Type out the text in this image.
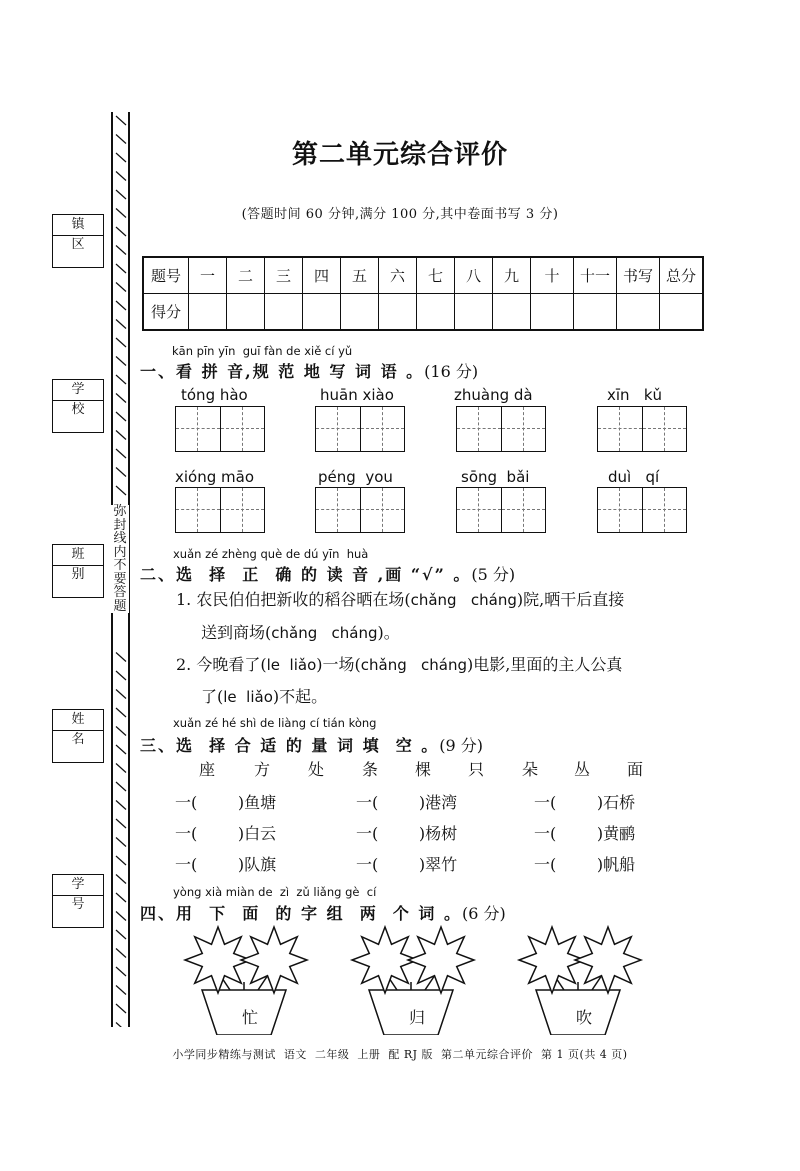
弥
封
线
内
不
要
答
题
镇 区
学 校
班 别
姓 名
学 号
第二单元综合评价
(答题时间 60 分钟,满分 100 分,其中卷面书写 3 分)
题号	一	二	三	四	五	六	七	八	九	十	十一	书写	总分
得分													
kān pīn yīn  guī fàn de xiě cí yǔ
一、看 拼 音,规 范 地 写 词 语 。(16 分)
tóng hào	huān xiào	zhuàng dà	xīn   kǔ
xióng māo	péng  you	sōng  bǎi	duì   qí
xuǎn zé zhèng què de dú yīn  huà
二、选  择  正  确 的 读 音 ,画 “√” 。(5 分)
1. 农民伯伯把新收的稻谷晒在场(chǎng   cháng)院,晒干后直接
送到商场(chǎng   cháng)。
2. 今晚看了(le  liǎo)一场(chǎng   cháng)电影,里面的主人公真
了(le  liǎo)不起。
xuǎn zé hé shì de liàng cí tián kòng
三、选  择 合 适 的 量 词 填  空 。(9 分)
座 方 处 条 棵 只 朵 丛 面
一(        )鱼塘	一(        )港湾	一(        )石桥
一(        )白云	一(        )杨树	一(        )黄鹂
一(        )队旗	一(        )翠竹	一(        )帆船
yòng xià miàn de  zì  zǔ liǎng gè  cí
四、用  下  面  的 字 组  两  个 词 。(6 分)
忙	归	吹
小学同步精练与测试  语文  二年级  上册  配 RJ 版  第二单元综合评价  第 1 页(共 4 页)
